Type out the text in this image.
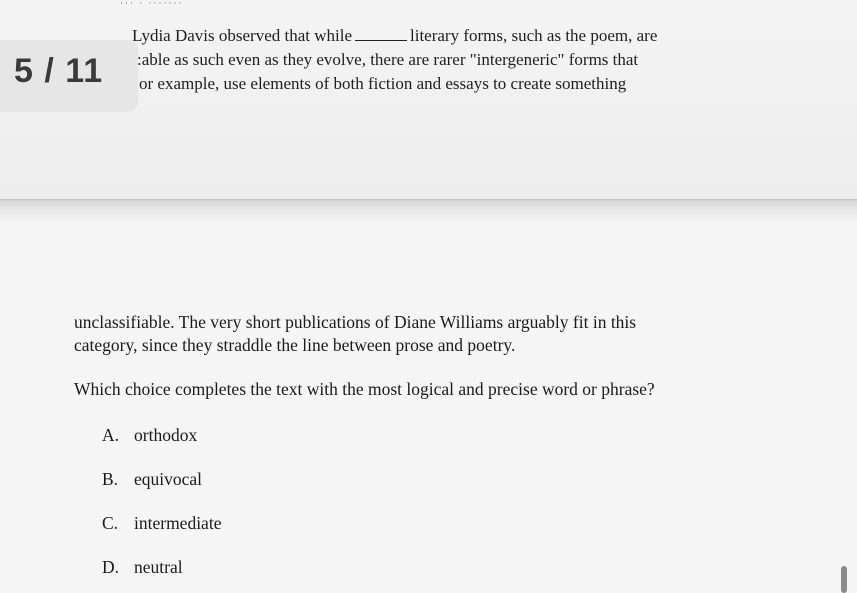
··· · ·······
5 / 11
Lydia Davis observed that while	literary forms, such as the poem, are
:able as such even as they evolve, there are rarer "intergeneric" forms that
or example, use elements of both fiction and essays to create something
unclassifiable. The very short publications of Diane Williams arguably fit in this
category, since they straddle the line between prose and poetry.
Which choice completes the text with the most logical and precise word or phrase?
A. orthodox
B. equivocal
C. intermediate
D. neutral
